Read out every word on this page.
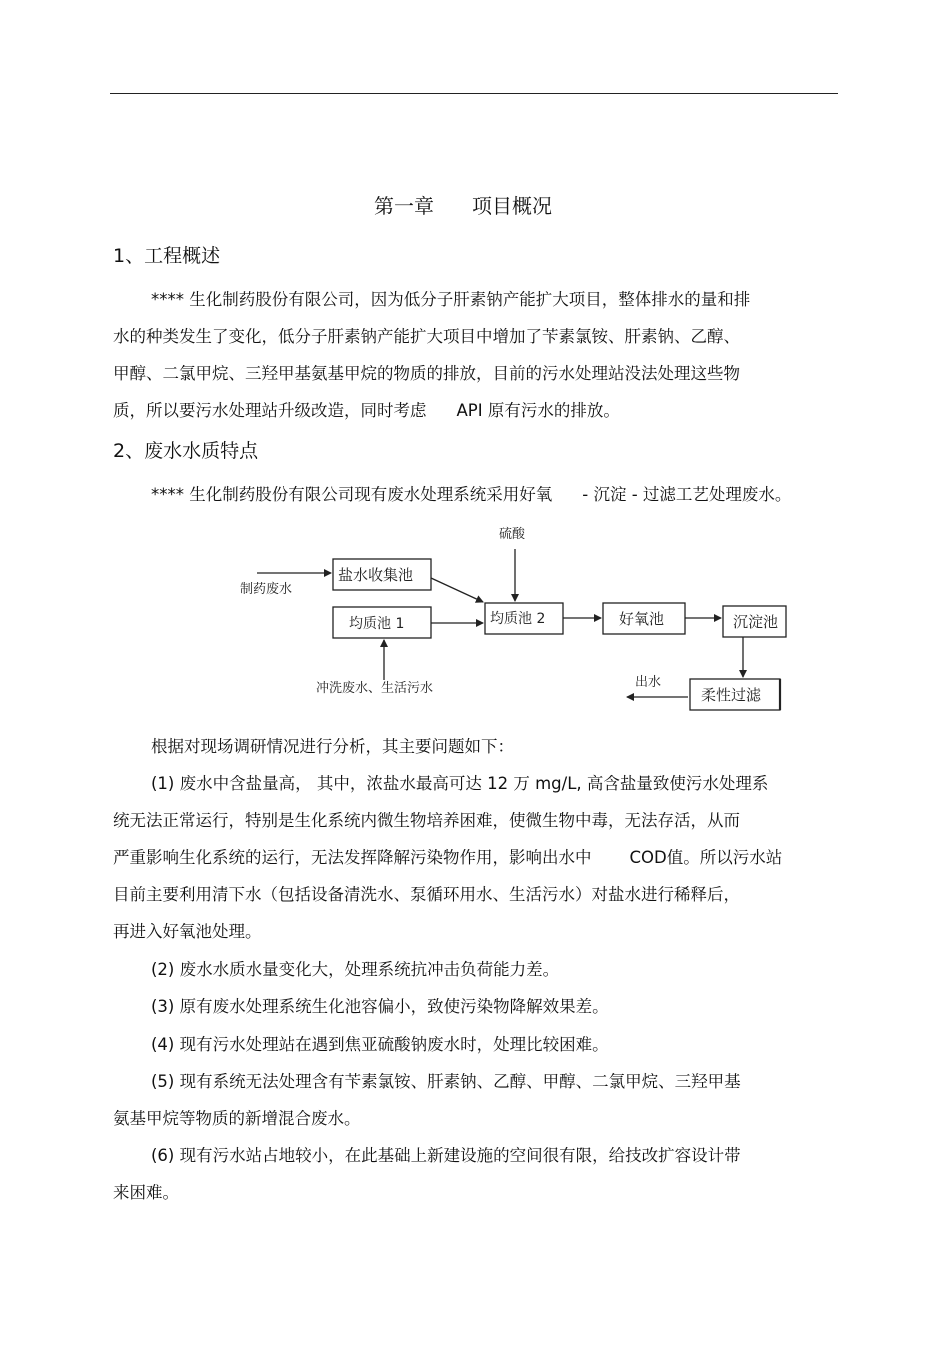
第一章 项目概况
1、工程概述
**** 生化制药股份有限公司，因为低分子肝素钠产能扩大项目，整体排水的量和排
水的种类发生了变化，低分子肝素钠产能扩大项目中增加了苄素氯铵、肝素钠、乙醇、
甲醇、二氯甲烷、三羟甲基氨基甲烷的物质的排放，目前的污水处理站没法处理这些物
质，所以要污水处理站升级改造，同时考虑 API 原有污水的排放。
2、废水水质特点
**** 生化制药股份有限公司现有废水处理系统采用好氧 - 沉淀 - 过滤工艺处理废水。
硫酸
制药废水
盐水收集池
均质池 1	均质池 2	好氧池	沉淀池
冲洗废水、生活污水	出水
柔性过滤
根据对现场调研情况进行分析，其主要问题如下：
(1) 废水中含盐量高， 其中，浓盐水最高可达 12 万 mg/L, 高含盐量致使污水处理系
统无法正常运行，特别是生化系统内微生物培养困难，使微生物中毒，无法存活，从而
严重影响生化系统的运行，无法发挥降解污染物作用，影响出水中 COD值。所以污水站
目前主要利用清下水（包括设备清洗水、泵循环用水、生活污水）对盐水进行稀释后，
再进入好氧池处理。
(2) 废水水质水量变化大，处理系统抗冲击负荷能力差。
(3) 原有废水处理系统生化池容偏小，致使污染物降解效果差。
(4) 现有污水处理站在遇到焦亚硫酸钠废水时，处理比较困难。
(5) 现有系统无法处理含有苄素氯铵、肝素钠、乙醇、甲醇、二氯甲烷、三羟甲基
氨基甲烷等物质的新增混合废水。
(6) 现有污水站占地较小，在此基础上新建设施的空间很有限，给技改扩容设计带
来困难。
